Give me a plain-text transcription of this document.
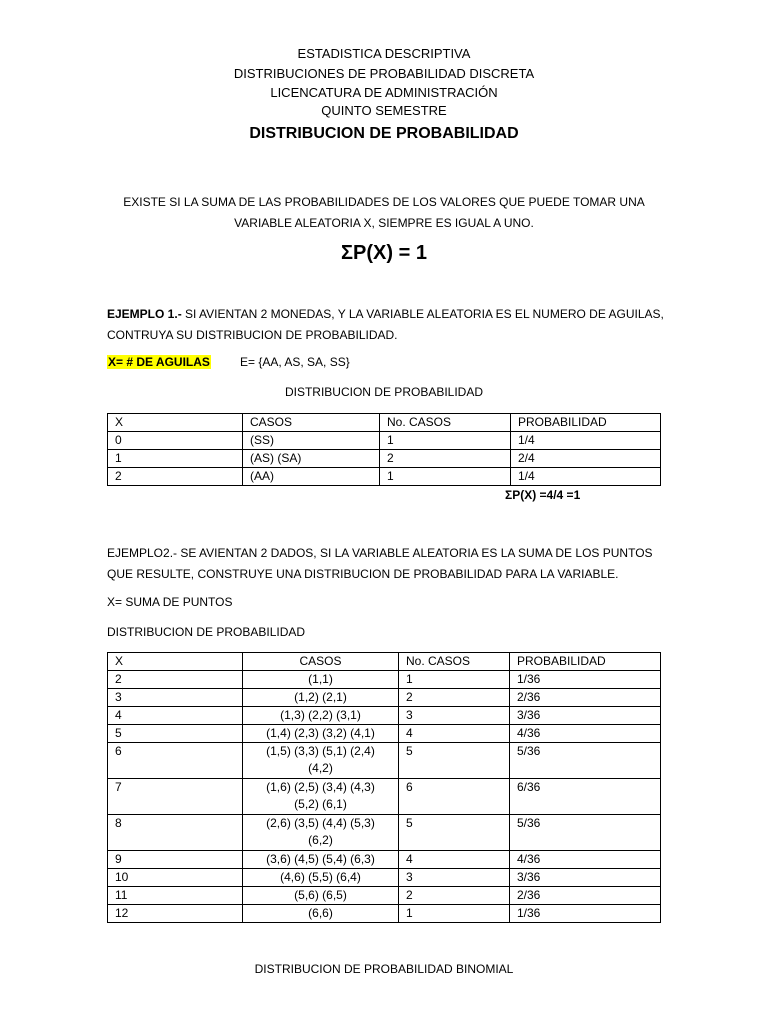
ESTADISTICA DESCRIPTIVA
DISTRIBUCIONES DE PROBABILIDAD DISCRETA
LICENCATURA DE ADMINISTRACIÓN
QUINTO SEMESTRE
DISTRIBUCION DE PROBABILIDAD
EXISTE SI LA SUMA DE LAS PROBABILIDADES DE LOS VALORES QUE PUEDE TOMAR UNA VARIABLE ALEATORIA X, SIEMPRE ES IGUAL A UNO.
ΣP(X) = 1
EJEMPLO 1.- SI AVIENTAN 2 MONEDAS, Y LA VARIABLE ALEATORIA ES EL NUMERO DE AGUILAS, CONTRUYA SU DISTRIBUCION DE PROBABILIDAD.
X= # DE AGUILAS	E= {AA, AS, SA, SS}
DISTRIBUCION DE PROBABILIDAD
X	CASOS	No. CASOS	PROBABILIDAD
0	(SS)	1	1/4
1	(AS) (SA)	2	2/4
2	(AA)	1	1/4
ΣP(X) =4/4 =1
EJEMPLO2.- SE AVIENTAN 2 DADOS, SI LA VARIABLE ALEATORIA ES LA SUMA DE LOS PUNTOS QUE RESULTE, CONSTRUYE UNA DISTRIBUCION DE PROBABILIDAD PARA LA VARIABLE.
X= SUMA DE PUNTOS
DISTRIBUCION DE PROBABILIDAD
X	CASOS	No. CASOS	PROBABILIDAD
2	(1,1)	1	1/36
3	(1,2) (2,1)	2	2/36
4	(1,3) (2,2) (3,1)	3	3/36
5	(1,4) (2,3) (3,2) (4,1)	4	4/36
6	(1,5) (3,3) (5,1) (2,4)
(4,2)	5	5/36
7	(1,6) (2,5) (3,4) (4,3)
(5,2) (6,1)	6	6/36
8	(2,6) (3,5) (4,4) (5,3)
(6,2)	5	5/36
9	(3,6) (4,5) (5,4) (6,3)	4	4/36
10	(4,6) (5,5) (6,4)	3	3/36
11	(5,6) (6,5)	2	2/36
12	(6,6)	1	1/36
DISTRIBUCION DE PROBABILIDAD BINOMIAL
